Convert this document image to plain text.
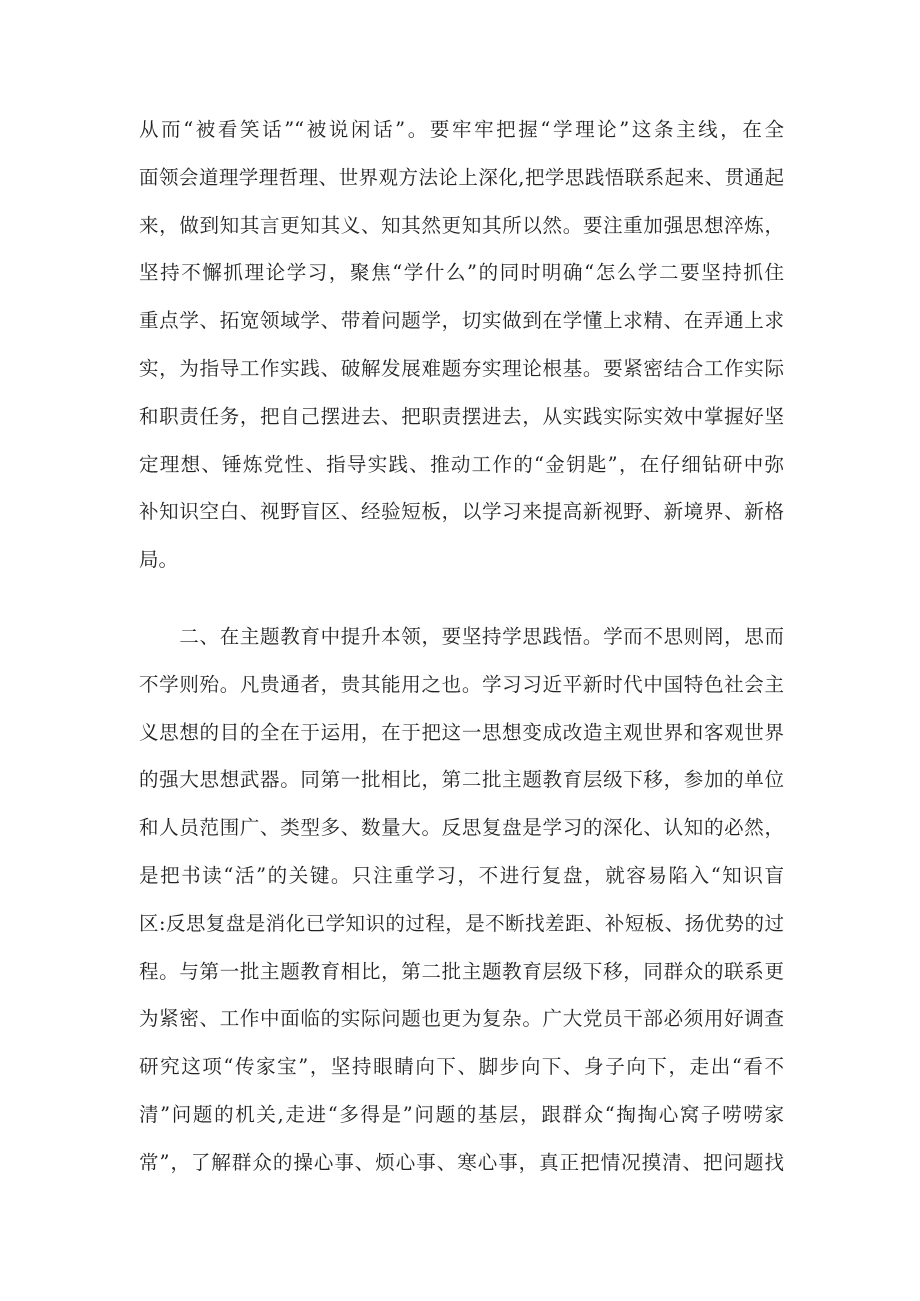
从而“被看笑话”“被说闲话”。要牢牢把握“学理论”这条主线，在全
面领会道理学理哲理、世界观方法论上深化,把学思践悟联系起来、贯通起
来，做到知其言更知其义、知其然更知其所以然。要注重加强思想淬炼，
坚持不懈抓理论学习，聚焦“学什么”的同时明确“怎么学二要坚持抓住
重点学、拓宽领域学、带着问题学，切实做到在学懂上求精、在弄通上求
实，为指导工作实践、破解发展难题夯实理论根基。要紧密结合工作实际
和职责任务，把自己摆进去、把职责摆进去，从实践实际实效中掌握好坚
定理想、锤炼党性、指导实践、推动工作的“金钥匙”，在仔细钻研中弥
补知识空白、视野盲区、经验短板，以学习来提高新视野、新境界、新格
局。
　　二、在主题教育中提升本领，要坚持学思践悟。学而不思则罔，思而
不学则殆。凡贵通者，贵其能用之也。学习习近平新时代中国特色社会主
义思想的目的全在于运用，在于把这一思想变成改造主观世界和客观世界
的强大思想武器。同第一批相比，第二批主题教育层级下移，参加的单位
和人员范围广、类型多、数量大。反思复盘是学习的深化、认知的必然，
是把书读“活”的关键。只注重学习，不进行复盘，就容易陷入“知识盲
区:反思复盘是消化已学知识的过程，是不断找差距、补短板、扬优势的过
程。与第一批主题教育相比，第二批主题教育层级下移，同群众的联系更
为紧密、工作中面临的实际问题也更为复杂。广大党员干部必须用好调查
研究这项“传家宝”，坚持眼睛向下、脚步向下、身子向下，走出“看不
清”问题的机关,走进“多得是”问题的基层，跟群众“掏掏心窝子唠唠家
常”，了解群众的操心事、烦心事、寒心事，真正把情况摸清、把问题找
